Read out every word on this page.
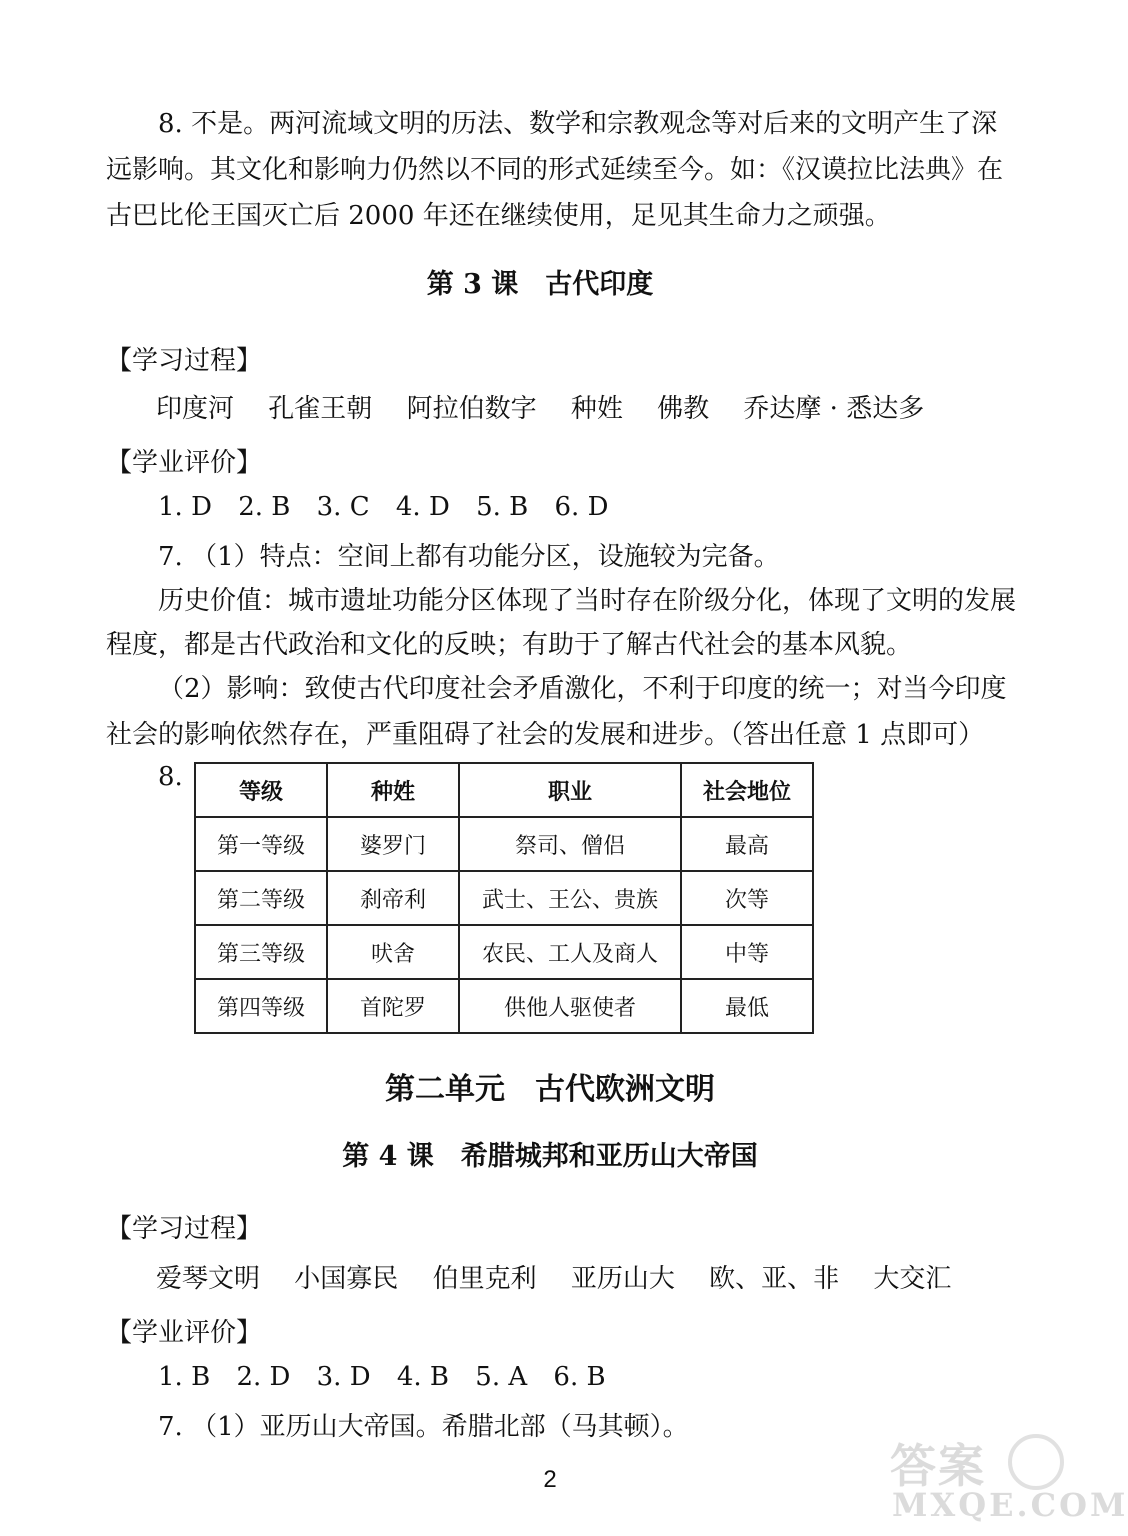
8. 不是。两河流域文明的历法、数学和宗教观念等对后来的文明产生了深
远影响。其文化和影响力仍然以不同的形式延续至今。如：《汉谟拉比法典》在
古巴比伦王国灭亡后 2000 年还在继续使用，足见其生命力之顽强。
第 3 课　古代印度
【学习过程】
印度河 孔雀王朝 阿拉伯数字 种姓 佛教 乔达摩 · 悉达多
【学业评价】
1. D 2. B 3. C 4. D 5. B 6. D
7. （1）特点：空间上都有功能分区，设施较为完备。
历史价值：城市遗址功能分区体现了当时存在阶级分化，体现了文明的发展
程度，都是古代政治和文化的反映；有助于了解古代社会的基本风貌。
（2）影响：致使古代印度社会矛盾激化，不利于印度的统一；对当今印度
社会的影响依然存在，严重阻碍了社会的发展和进步。（答出任意 1 点即可）
8.	等级	种姓	职业	社会地位
第一等级	婆罗门	祭司、僧侣	最高
第二等级	刹帝利	武士、王公、贵族	次等
第三等级	吠舍	农民、工人及商人	中等
第四等级	首陀罗	供他人驱使者	最低
第二单元　古代欧洲文明
第 4 课　希腊城邦和亚历山大帝国
【学习过程】
爱琴文明 小国寡民 伯里克利 亚历山大 欧、亚、非 大交汇
【学业评价】
1. B 2. D 3. D 4. B 5. A 6. B
7. （1）亚历山大帝国。希腊北部（马其顿）。
2	答案
MXQE.COM
